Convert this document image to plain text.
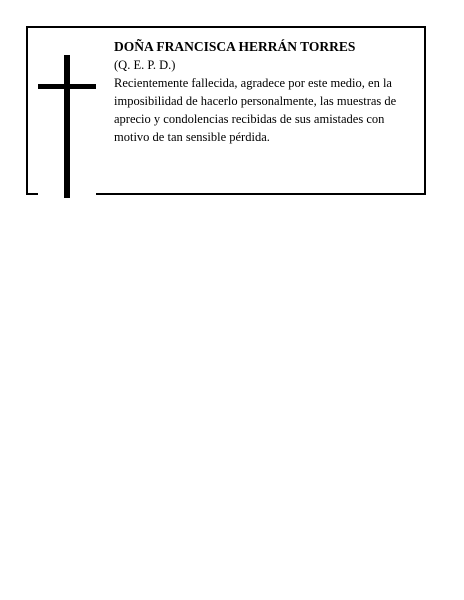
DOÑA FRANCISCA HERRÁN TORRES

(Q. E. P. D.)

Recientemente fallecida, agradece por este medio, en la imposibilidad de hacerlo personalmente, las muestras de aprecio y condolencias recibidas de sus amistades con motivo de tan sensible pérdida.
